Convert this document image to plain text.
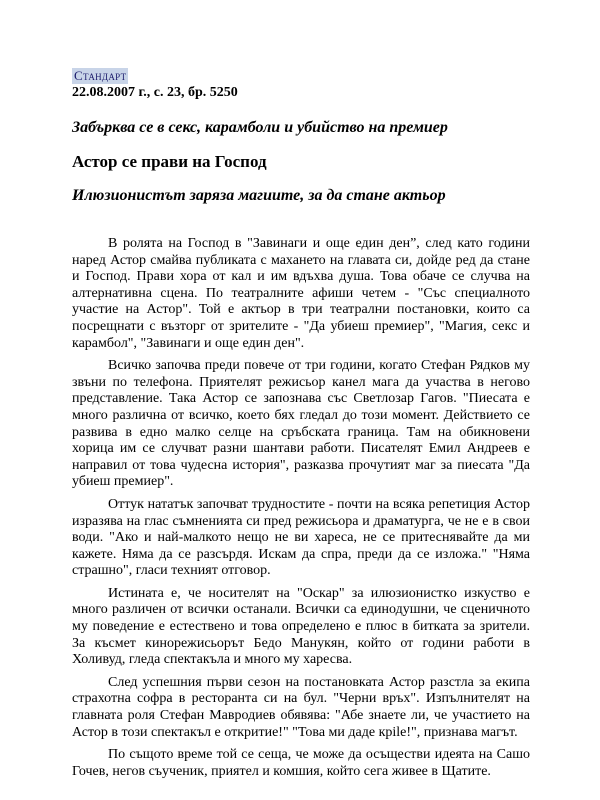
Стандарт
22.08.2007 г., с. 23, бр. 5250
Забърква се в секс, карамболи и убийство на премиер
Астор се прави на Господ
Илюзионистът заряза магиите, за да стане актьор

В ролята на Господ в "Завинаги и още един ден”, след като години наред Астор смайва публиката с махането на главата си, дойде ред да стане и Господ. Прави хора от кал и им вдъхва душа. Това обаче се случва на алтернативна сцена. По театралните афиши четем - "Със специалното участие на Астор". Той е актьор в три театрални постановки, които са посрещнати с възторг от зрителите - "Да убиеш премиер", "Магия, секс и карамбол", "Завинаги и още един ден".

Всичко започва преди повече от три години, когато Стефан Рядков му звъни по телефона. Приятелят режисьор канел мага да участва в негово представление. Така Астор се запознава със Светлозар Гагов. "Пиесата е много различна от всичко, което бях гледал до този момент. Действието се развива в едно малко селце на сръбската граница. Там на обикновени хорица им се случват разни шантави работи. Писателят Емил Андреев е направил от това чудесна история", разказва прочутият маг за пиесата "Да убиеш премиер".

Оттук нататък започват трудностите - почти на всяка репетиция Астор изразява на глас съмненията си пред режисьора и драматурга, че не е в свои води. "Ако и най-малкото нещо не ви хареса, не се притеснявайте да ми кажете. Няма да се разсърдя. Искам да спра, преди да се изложа." "Няма страшно", гласи техният отговор.

Истината е, че носителят на "Оскар" за илюзионисткo изкуство е много различен от всички останали. Всички са единодушни, че сценичното му поведение е естествено и това определено е плюс в битката за зрители. За късмет кинорежисьорът Бедо Манукян, който от години работи в Холивуд, гледа спектакъла и много му харесва.

След успешния първи сезон на постановката Астор разстла за екипа страхотна софра в ресторанта си на бул. "Черни връх". Изпълнителят на главната роля Стефан Мавродиев обявява: "Абе знаете ли, че участието на Астор в този спектакъл е откритие!" "Това ми даде крile!", признава магът.

По същото време той се сеща, че може да осъществи идеята на Сашо Гочев, негов съученик, приятел и комшия, който сега живее в Щатите.
